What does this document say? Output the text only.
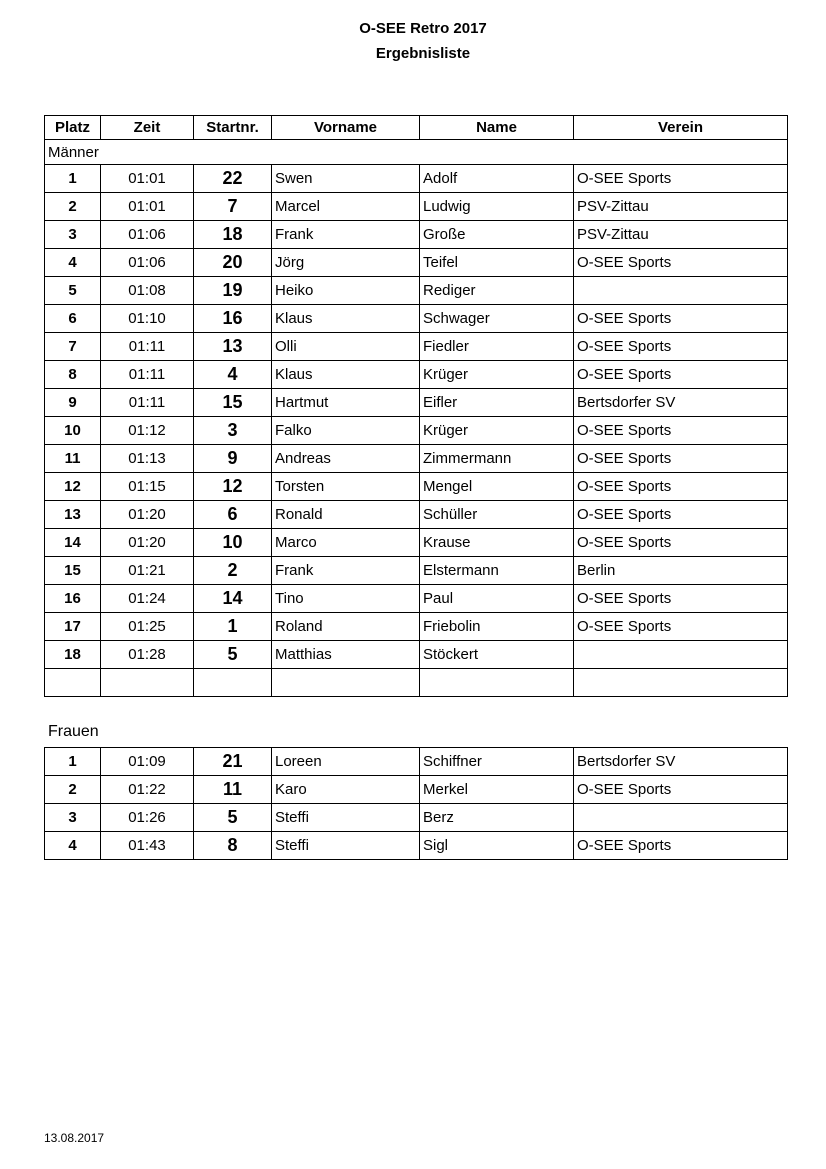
O-SEE Retro 2017
Ergebnisliste
Platz	Zeit	Startnr.	Vorname	Name	Verein
Männer					
1	01:01	22	Swen	Adolf	O-SEE Sports
2	01:01	7	Marcel	Ludwig	PSV-Zittau
3	01:06	18	Frank	Große	PSV-Zittau
4	01:06	20	Jörg	Teifel	O-SEE Sports
5	01:08	19	Heiko	Rediger	
6	01:10	16	Klaus	Schwager	O-SEE Sports
7	01:11	13	Olli	Fiedler	O-SEE Sports
8	01:11	4	Klaus	Krüger	O-SEE Sports
9	01:11	15	Hartmut	Eifler	Bertsdorfer SV
10	01:12	3	Falko	Krüger	O-SEE Sports
11	01:13	9	Andreas	Zimmermann	O-SEE Sports
12	01:15	12	Torsten	Mengel	O-SEE Sports
13	01:20	6	Ronald	Schüller	O-SEE Sports
14	01:20	10	Marco	Krause	O-SEE Sports
15	01:21	2	Frank	Elstermann	Berlin
16	01:24	14	Tino	Paul	O-SEE Sports
17	01:25	1	Roland	Friebolin	O-SEE Sports
18	01:28	5	Matthias	Stöckert	

Frauen
1	01:09	21	Loreen	Schiffner	Bertsdorfer SV
2	01:22	11	Karo	Merkel	O-SEE Sports
3	01:26	5	Steffi	Berz	
4	01:43	8	Steffi	Sigl	O-SEE Sports
13.08.2017
